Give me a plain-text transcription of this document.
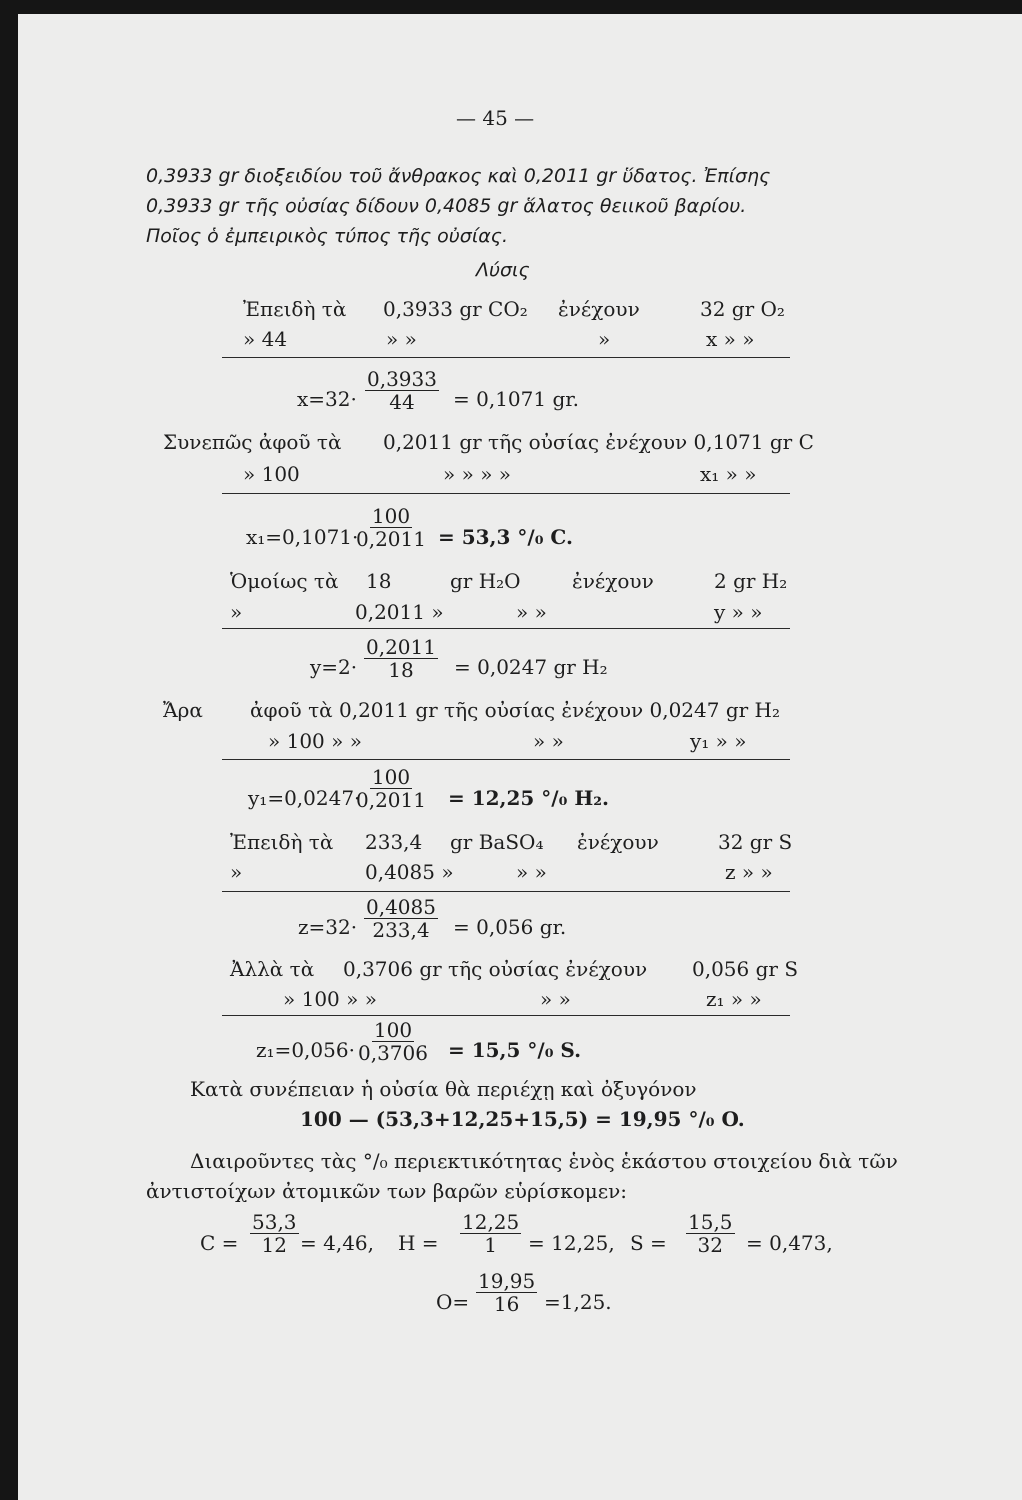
— 45 —
0,3933 gr διοξειδίου τοῦ ἄνθρακος καὶ 0,2011 gr ὕδατος. Ἐπίσης
0,3933 gr τῆς οὐσίας δίδουν 0,4085 gr ἅλατος θειικοῦ βαρίου.
Ποῖος ὁ ἐμπειρικὸς τύπος τῆς οὐσίας.
Λύσις
Ἐπειδὴ τὰ 0,3933 gr CO₂ ἐνέχουν	32 gr O₂
» 44	» »	»	x » »
$x=32\cdot \frac{0,3933}{44} = 0,1071$ gr.
Συνεπῶς ἀφοῦ τὰ 0,2011 gr τῆς οὐσίας ἐνέχουν 0,1071 gr C
» 100	» » » »	x₁ » »
x₁=0,1071·
$\frac{100}{0,2011} = 53,3$ °/₀ C.
Ὁμοίως τὰ 18	gr H₂O	ἐνέχουν	2 gr H₂
»	0,2011 »	» »	y » »
$y=2\cdot \frac{0,2011}{18} = 0,0247$ gr H₂
Ἄρα ἀφοῦ τὰ 0,2011 gr τῆς οὐσίας ἐνέχουν 0,0247 gr H₂
» 100 » »	» »	y₁ » »
y₁=0,0247·
$\frac{100}{0,2011} = 12,25$ °/₀ H₂.
Ἐπειδὴ τὰ 233,4 gr BaSO₄ ἐνέχουν	32 gr S
»	0,4085 »	» »	z » »
$z=32\cdot \frac{0,4085}{233,4} = 0,056$ gr.
Ἀλλὰ τὰ 0,3706 gr τῆς οὐσίας ἐνέχουν 0,056 gr S
» 100 » »	» »	z₁ » »
$z_1=0,056\cdot \frac{100}{0,3706} = 15,5$ °/₀ S.
Κατὰ συνέπειαν ἡ οὐσία θὰ περιέχῃ καὶ ὀξυγόνον
100 — (53,3+12,25+15,5) = 19,95 °/₀ O.
Διαιροῦντες τὰς °/₀ περιεκτικότητας ἑνὸς ἑκάστου στοιχείου διὰ τῶν
ἀντιστοίχων ἀτομικῶν των βαρῶν εὑρίσκομεν:
$C = \frac{53,3}{12} = 4,46$, $H = \frac{12,25}{1} = 12,25$, $S = \frac{15,5}{32} = 0,473$,
$O= \frac{19,95}{16} =1,25$.
